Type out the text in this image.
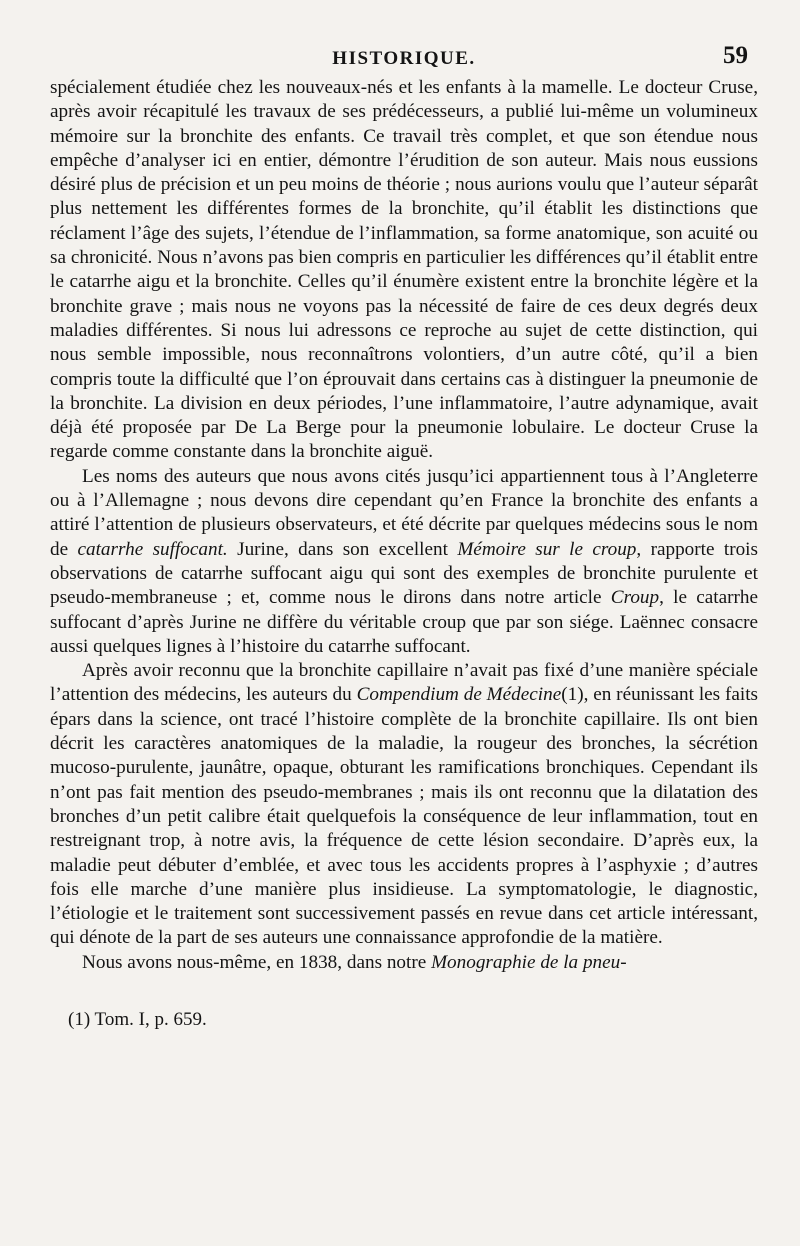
HISTORIQUE.	59

spécialement étudiée chez les nouveaux-nés et les enfants à la mamelle. Le docteur Cruse, après avoir récapitulé les travaux de ses prédécesseurs, a publié lui-même un volumineux mémoire sur la bronchite des enfants. Ce travail très complet, et que son étendue nous empêche d’analyser ici en entier, démontre l’érudition de son auteur. Mais nous eussions désiré plus de précision et un peu moins de théorie ; nous aurions voulu que l’auteur séparât plus nettement les différentes formes de la bronchite, qu’il établit les distinctions que réclament l’âge des sujets, l’étendue de l’inflammation, sa forme anatomique, son acuité ou sa chronicité. Nous n’avons pas bien compris en particulier les différences qu’il établit entre le catarrhe aigu et la bronchite. Celles qu’il énumère existent entre la bronchite légère et la bronchite grave ; mais nous ne voyons pas la nécessité de faire de ces deux degrés deux maladies différentes. Si nous lui adressons ce reproche au sujet de cette distinction, qui nous semble impossible, nous reconnaîtrons volontiers, d’un autre côté, qu’il a bien compris toute la difficulté que l’on éprouvait dans certains cas à distinguer la pneumonie de la bronchite. La division en deux périodes, l’une inflammatoire, l’autre adynamique, avait déjà été proposée par De La Berge pour la pneumonie lobulaire. Le docteur Cruse la regarde comme constante dans la bronchite aiguë.

Les noms des auteurs que nous avons cités jusqu’ici appartiennent tous à l’Angleterre ou à l’Allemagne ; nous devons dire cependant qu’en France la bronchite des enfants a attiré l’attention de plusieurs observateurs, et été décrite par quelques médecins sous le nom de catarrhe suffocant. Jurine, dans son excellent Mémoire sur le croup, rapporte trois observations de catarrhe suffocant aigu qui sont des exemples de bronchite purulente et pseudo-membraneuse ; et, comme nous le dirons dans notre article Croup, le catarrhe suffocant d’après Jurine ne diffère du véritable croup que par son siége. Laënnec consacre aussi quelques lignes à l’histoire du catarrhe suffocant.

Après avoir reconnu que la bronchite capillaire n’avait pas fixé d’une manière spéciale l’attention des médecins, les auteurs du Compendium de Médecine(1), en réunissant les faits épars dans la science, ont tracé l’histoire complète de la bronchite capillaire. Ils ont bien décrit les caractères anatomiques de la maladie, la rougeur des bronches, la sécrétion mucoso-purulente, jaunâtre, opaque, obturant les ramifications bronchiques. Cependant ils n’ont pas fait mention des pseudo-membranes ; mais ils ont reconnu que la dilatation des bronches d’un petit calibre était quelquefois la conséquence de leur inflammation, tout en restreignant trop, à notre avis, la fréquence de cette lésion secondaire. D’après eux, la maladie peut débuter d’emblée, et avec tous les accidents propres à l’asphyxie ; d’autres fois elle marche d’une manière plus insidieuse. La symptomatologie, le diagnostic, l’étiologie et le traitement sont successivement passés en revue dans cet article intéressant, qui dénote de la part de ses auteurs une connaissance approfondie de la matière.

Nous avons nous-même, en 1838, dans notre Monographie de la pneu-

(1) Tom. I, p. 659.
